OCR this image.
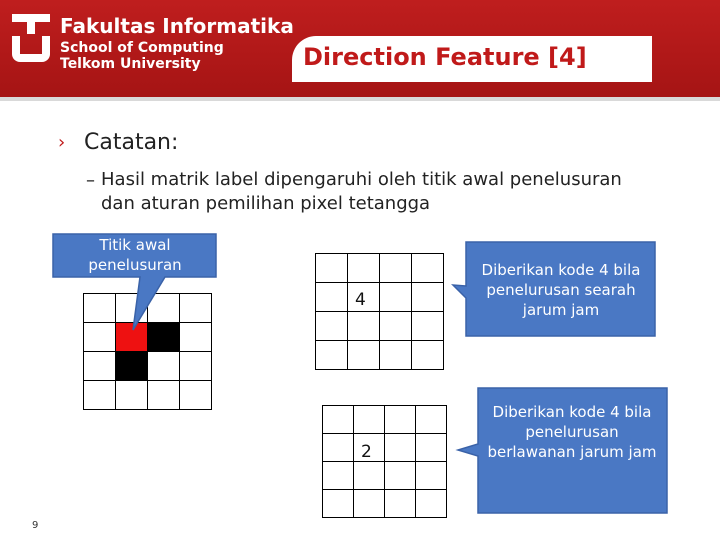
Fakultas Informatika
School of Computing
Telkom University	Direction Feature [4]
› Catatan:
– Hasil matrik label dipengaruhi oleh titik awal penelusuran
dan aturan pemilihan pixel tetangga
4
2
Titik awal penelusuran	Diberikan kode 4 bila penelurusan searah jarum jam
Diberikan kode 4 bila penelurusan berlawanan jarum jam
9
